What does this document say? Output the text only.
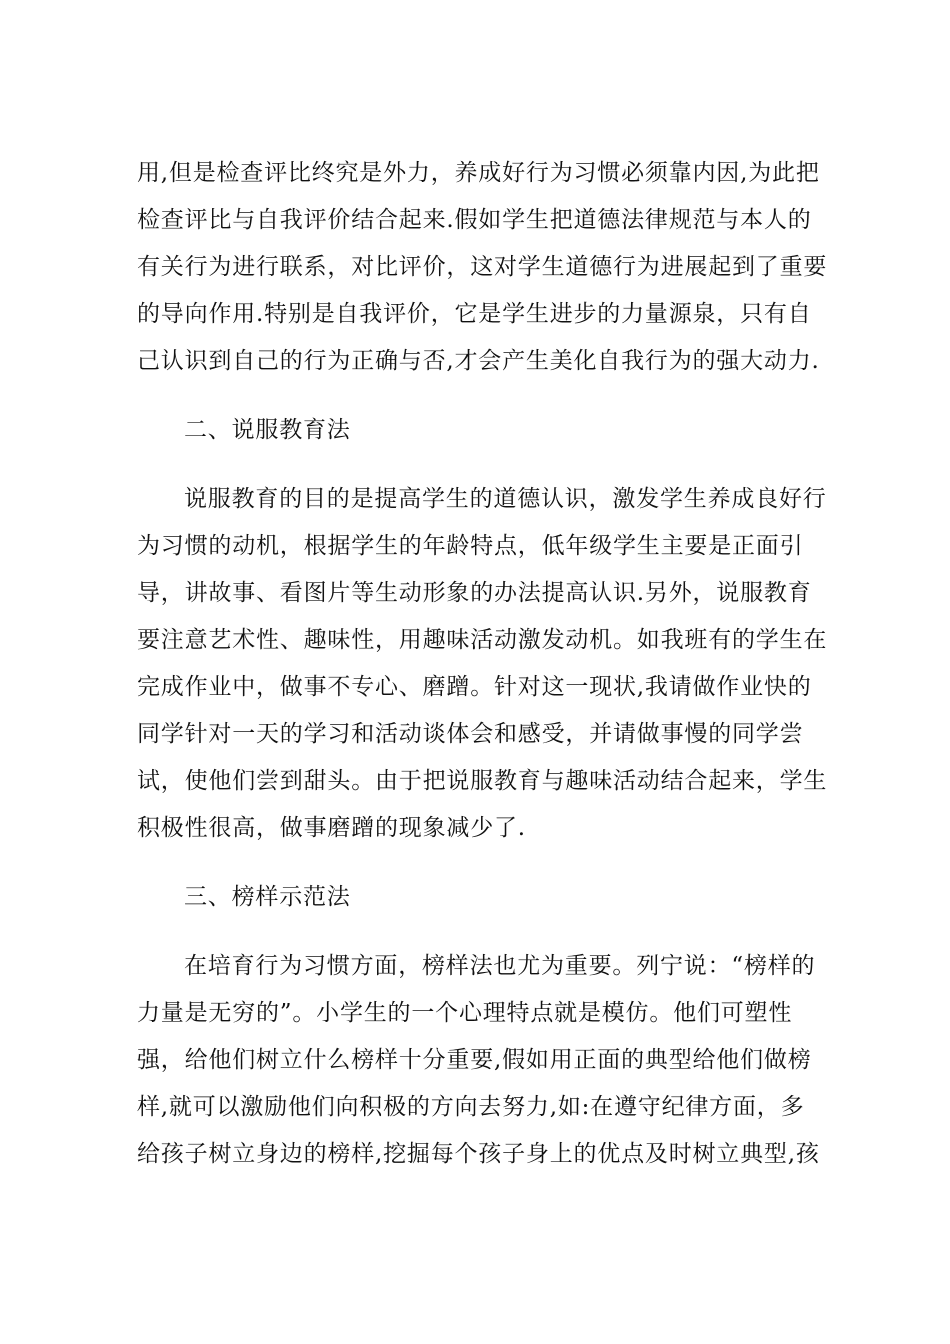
用,但是检查评比终究是外力，养成好行为习惯必须靠内因,为此把
检查评比与自我评价结合起来.假如学生把道德法律规范与本人的
有关行为进行联系，对比评价，这对学生道德行为进展起到了重要
的导向作用.特别是自我评价，它是学生进步的力量源泉，只有自
己认识到自己的行为正确与否,才会产生美化自我行为的强大动力.
二、说服教育法
说服教育的目的是提高学生的道德认识，激发学生养成良好行
为习惯的动机，根据学生的年龄特点，低年级学生主要是正面引
导，讲故事、看图片等生动形象的办法提高认识.另外，说服教育
要注意艺术性、趣味性，用趣味活动激发动机。如我班有的学生在
完成作业中，做事不专心、磨蹭。针对这一现状,我请做作业快的
同学针对一天的学习和活动谈体会和感受，并请做事慢的同学尝
试，使他们尝到甜头。由于把说服教育与趣味活动结合起来，学生
积极性很高，做事磨蹭的现象减少了.
三、榜样示范法
在培育行为习惯方面，榜样法也尤为重要。列宁说：“榜样的
力量是无穷的”。小学生的一个心理特点就是模仿。他们可塑性
强，给他们树立什么榜样十分重要,假如用正面的典型给他们做榜
样,就可以激励他们向积极的方向去努力,如:在遵守纪律方面，多
给孩子树立身边的榜样,挖掘每个孩子身上的优点及时树立典型,孩
